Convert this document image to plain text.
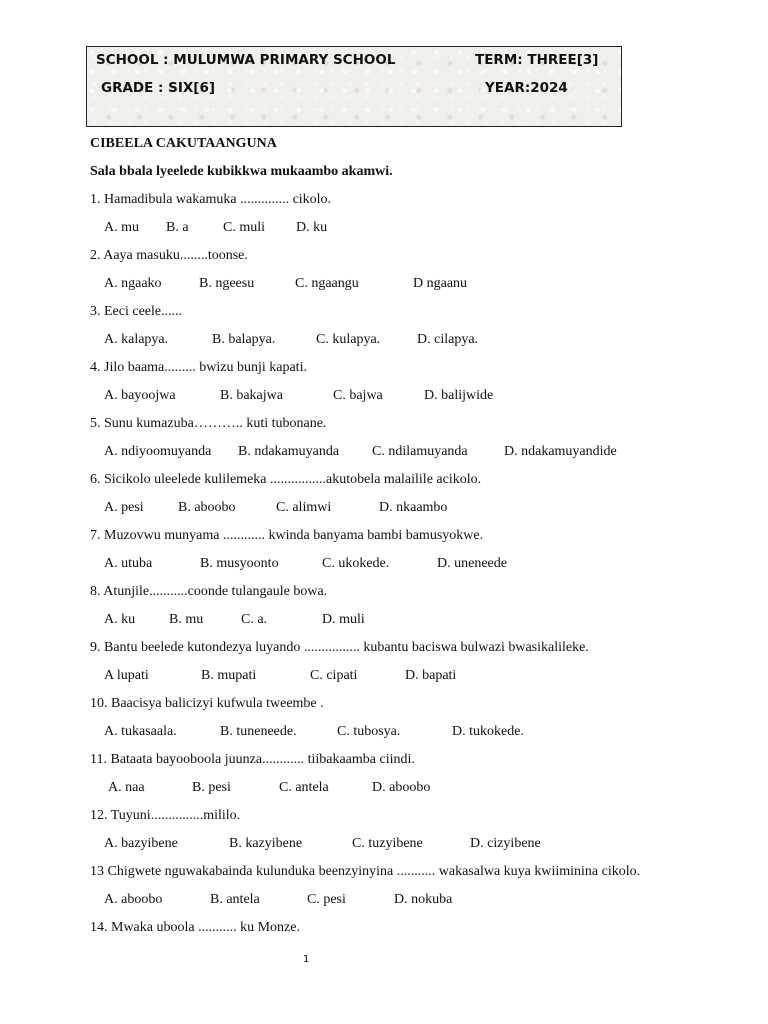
SCHOOL : MULUMWA PRIMARY SCHOOL	TERM: THREE[3]
GRADE : SIX[6]	YEAR:2024
CIBEELA CAKUTAANGUNA
Sala bbala lyeelede kubikkwa mukaambo akamwi.
1. Hamadibula wakamuka .............. cikolo.
A. mu B. a C. muli D. ku
2. Aaya masuku........toonse.
A. ngaako	B. ngeesu	C. ngaangu	D ngaanu
3. Eeci ceele......
A. kalapya.	B. balapya.	C. kulapya.	D. cilapya.
4. Jilo baama......... bwizu bunji kapati.
A. bayoojwa	B. bakajwa	C. bajwa	D. balijwide
5. Sunu kumazuba……….. kuti tubonane.
A. ndiyoomuyanda B. ndakamuyanda C. ndilamuyanda	D. ndakamuyandide
6. Sicikolo uleelede kulilemeka ................akutobela malailile acikolo.
A. pesi B. aboobo	C. alimwi	D. nkaambo
7. Muzovwu munyama ............ kwinda banyama bambi bamusyokwe.
A. utuba	B. musyoonto	C. ukokede.	D. uneneede
8. Atunjile...........coonde tulangaule bowa.
A. ku B. mu	C. a.	D. muli
9. Bantu beelede kutondezya luyando ................ kubantu baciswa bulwazi bwasikalileke.
A lupati	B. mupati	C. cipati	D. bapati
10. Baacisya balicizyi kufwula tweembe .
A. tukasaala.	B. tuneneede.	C. tubosya.	D. tukokede.
11. Bataata bayooboola juunza............ tiibakaamba ciindi.
A. naa	B. pesi	C. antela	D. aboobo
12. Tuyuni...............mililo.
A. bazyibene	B. kazyibene	C. tuzyibene	D. cizyibene
13 Chigwete nguwakabainda kulunduka beenzyinyina ........... wakasalwa kuya kwiiminina cikolo.
A. aboobo	B. antela	C. pesi	D. nokuba
14. Mwaka uboola ........... ku Monze.
1
